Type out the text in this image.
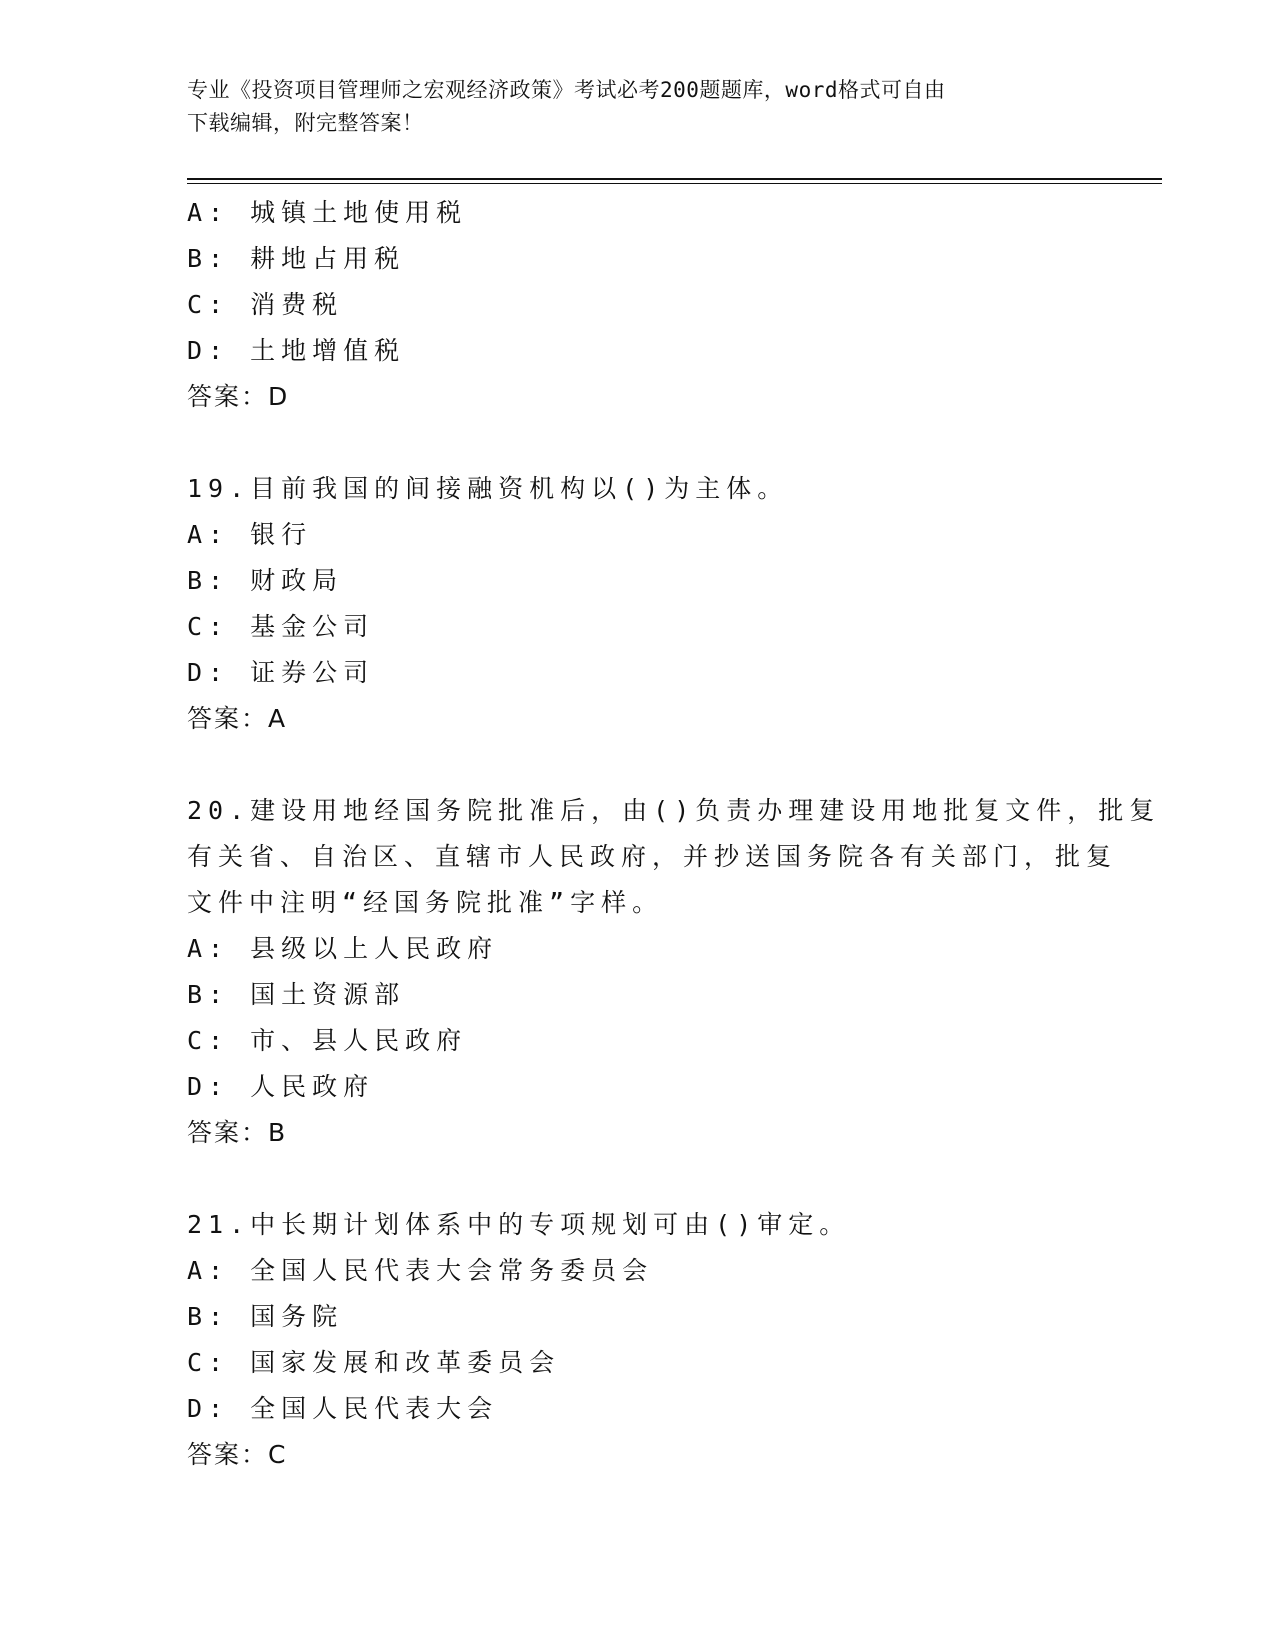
专业《投资项目管理师之宏观经济政策》考试必考200题题库，word格式可自由
下载编辑，附完整答案！
A: 城镇土地使用税
B: 耕地占用税
C: 消费税
D: 土地增值税
答案：D
19.目前我国的间接融资机构以()为主体。
A: 银行
B: 财政局
C: 基金公司
D: 证券公司
答案：A
20.建设用地经国务院批准后，由()负责办理建设用地批复文件，批复
有关省、自治区、直辖市人民政府，并抄送国务院各有关部门，批复
文件中注明“经国务院批准”字样。
A: 县级以上人民政府
B: 国土资源部
C: 市、县人民政府
D: 人民政府
答案：B
21.中长期计划体系中的专项规划可由()审定。
A: 全国人民代表大会常务委员会
B: 国务院
C: 国家发展和改革委员会
D: 全国人民代表大会
答案：C
